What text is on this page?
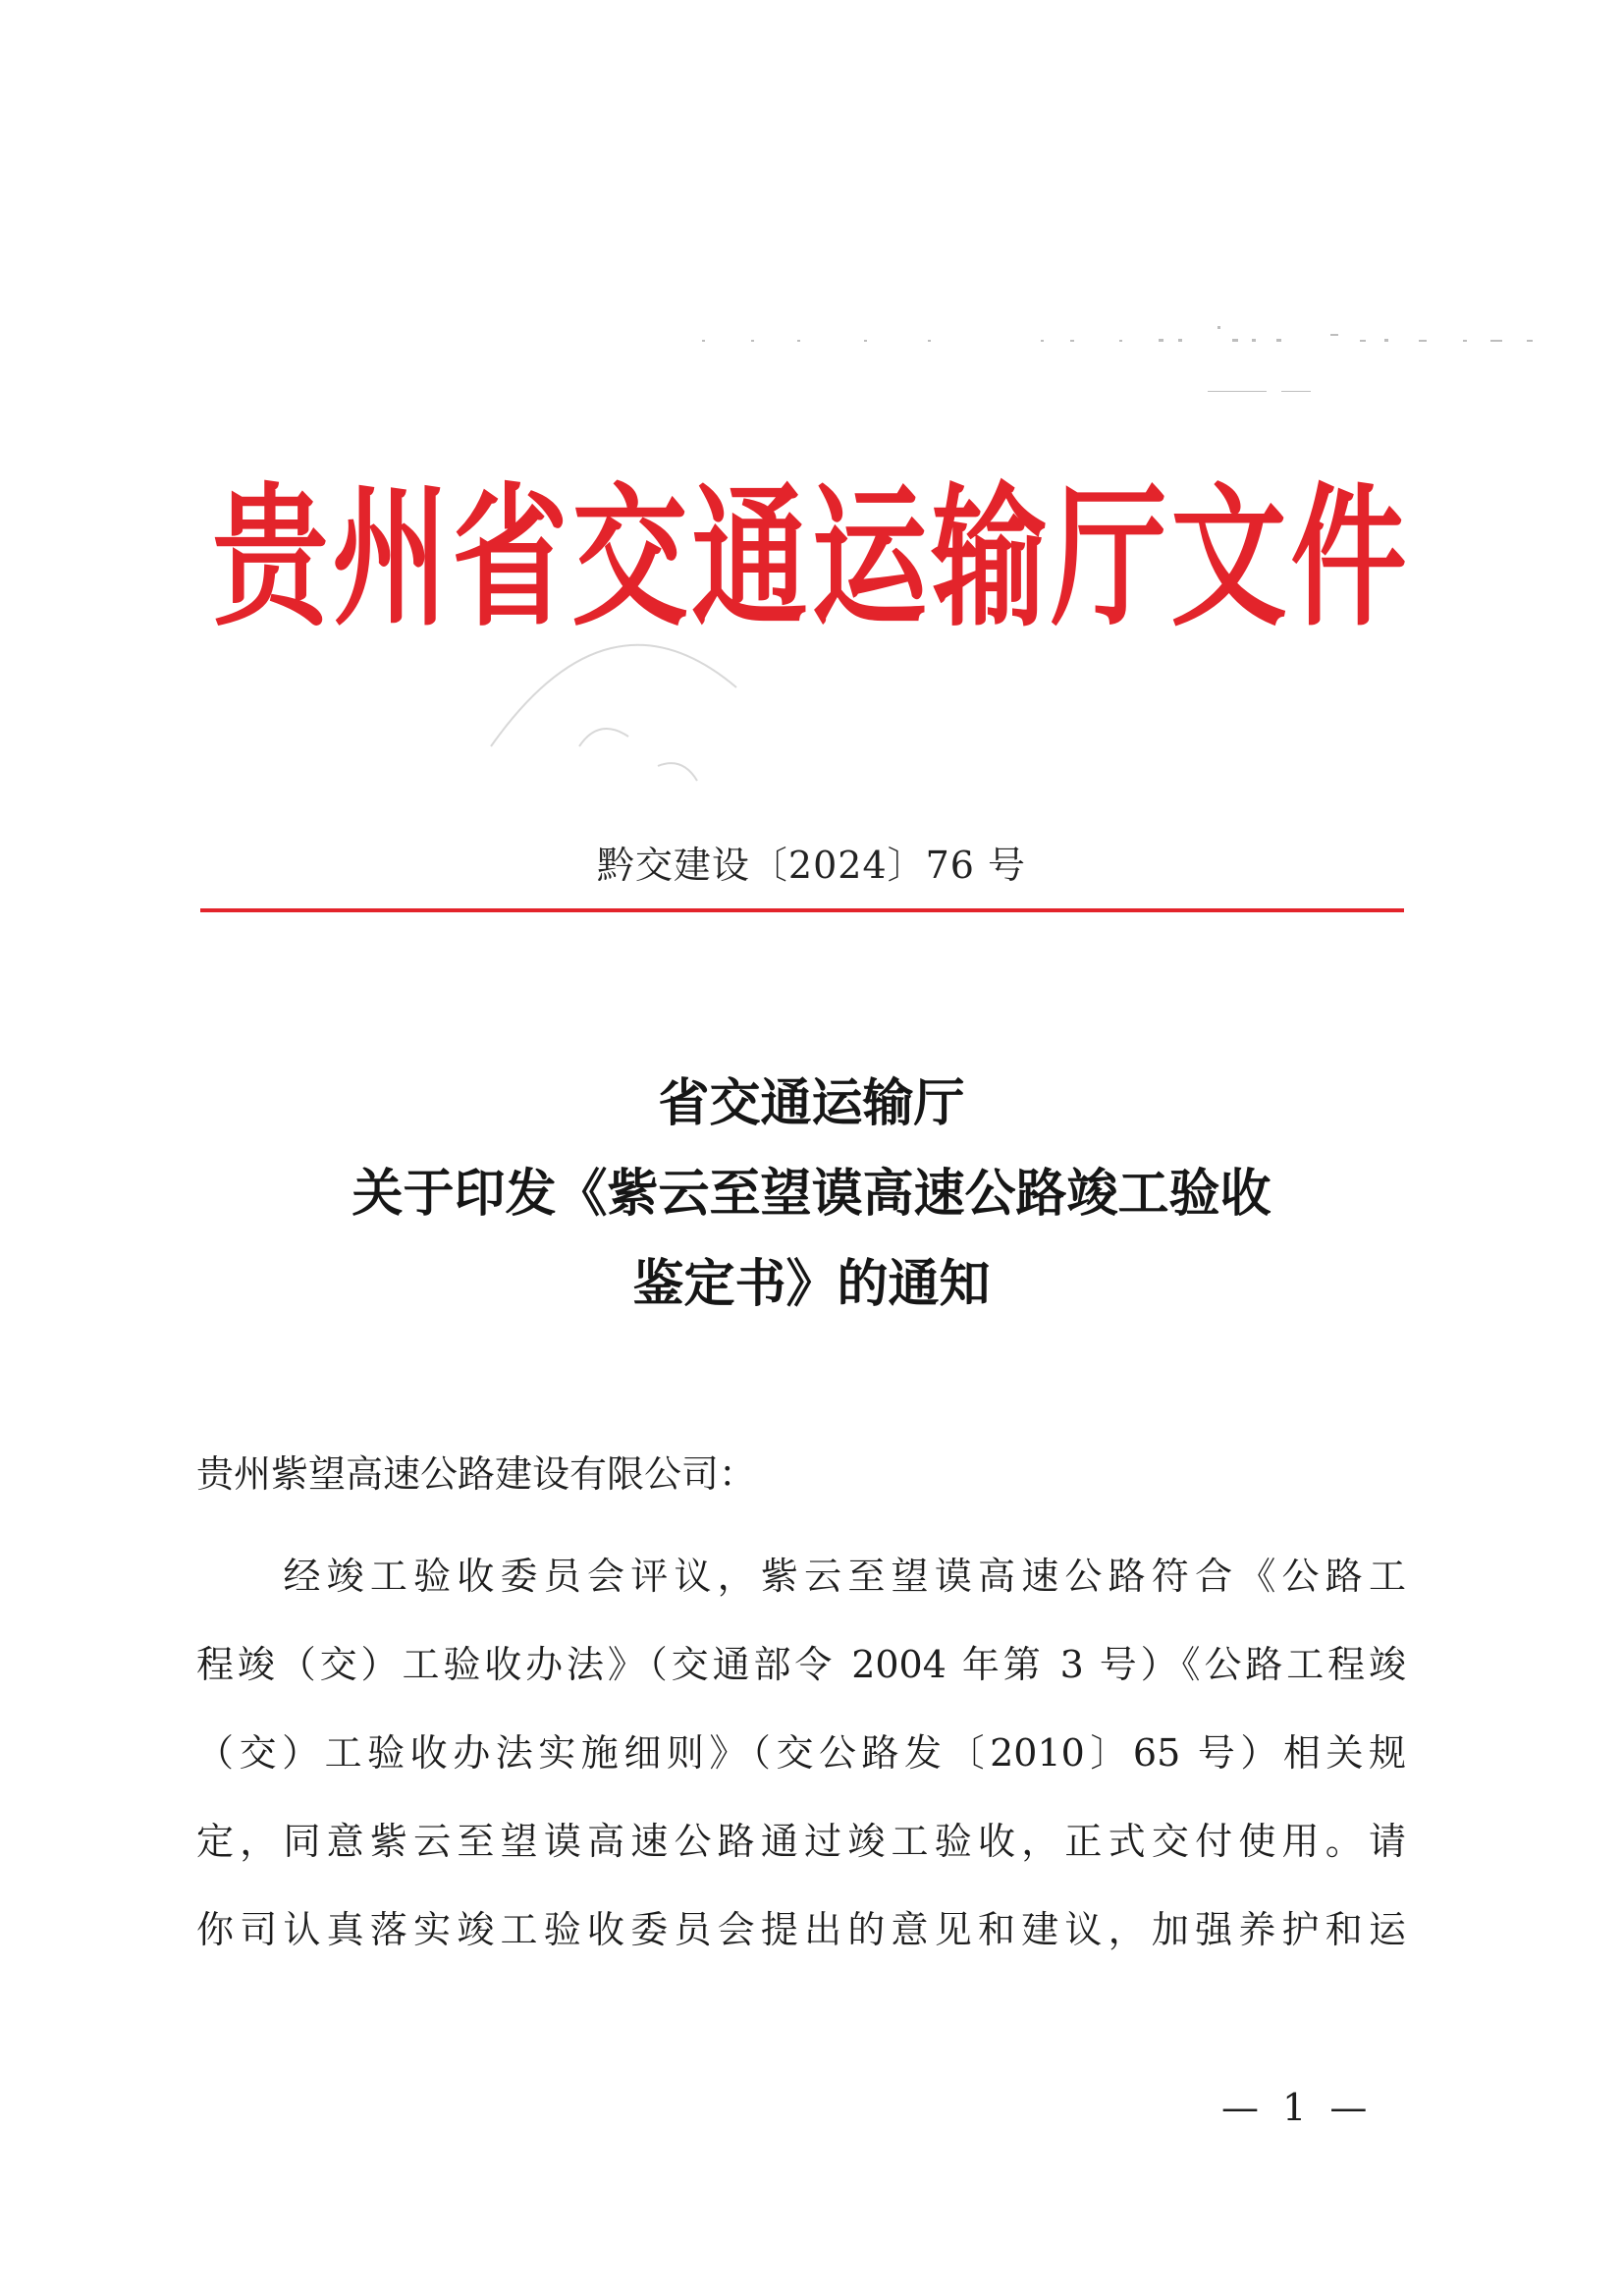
贵州省交通运输厅文件
黔交建设〔2024〕76 号
省交通运输厅
关于印发《紫云至望谟高速公路竣工验收
鉴定书》的通知
贵州紫望高速公路建设有限公司：
　　经竣工验收委员会评议，紫云至望谟高速公路符合《公路工
程竣（交）工验收办法》（交通部令 2004 年第 3 号）《公路工程竣
（交）工验收办法实施细则》（交公路发〔2010〕65 号）相关规
定，同意紫云至望谟高速公路通过竣工验收，正式交付使用。请
你司认真落实竣工验收委员会提出的意见和建议，加强养护和运
— 1 —
